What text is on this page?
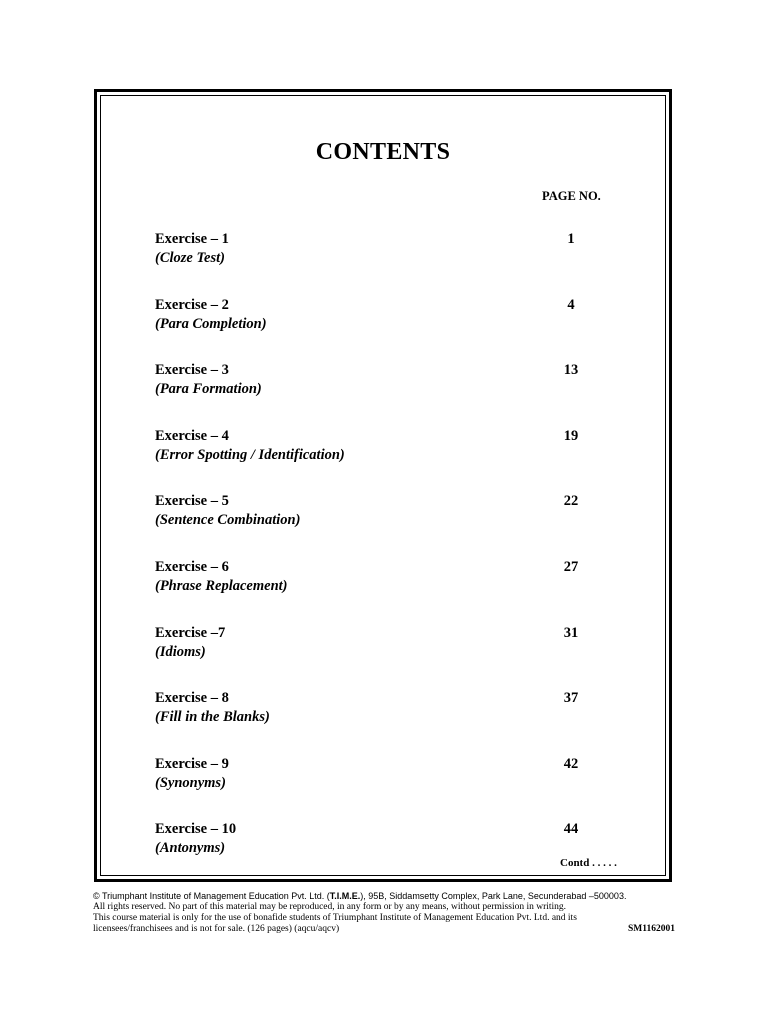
CONTENTS
PAGE NO.
Exercise – 1
(Cloze Test)
1
Exercise – 2
(Para Completion)
4
Exercise – 3
(Para Formation)
13
Exercise – 4
(Error Spotting / Identification)
19
Exercise – 5
(Sentence Combination)
22
Exercise – 6
(Phrase Replacement)
27
Exercise –7
(Idioms)
31
Exercise – 8
(Fill in the Blanks)
37
Exercise – 9
(Synonyms)
42
Exercise – 10
(Antonyms)
44
Contd . . . . .
© Triumphant Institute of Management Education Pvt. Ltd. (T.I.M.E.), 95B, Siddamsetty Complex, Park Lane, Secunderabad –500003.
All rights reserved. No part of this material may be reproduced, in any form or by any means, without permission in writing.
This course material is only for the use of bonafide students of Triumphant Institute of Management Education Pvt. Ltd. and its
licensees/franchisees and is not for sale. (126 pages) (aqcu/aqcv)	SM1162001
